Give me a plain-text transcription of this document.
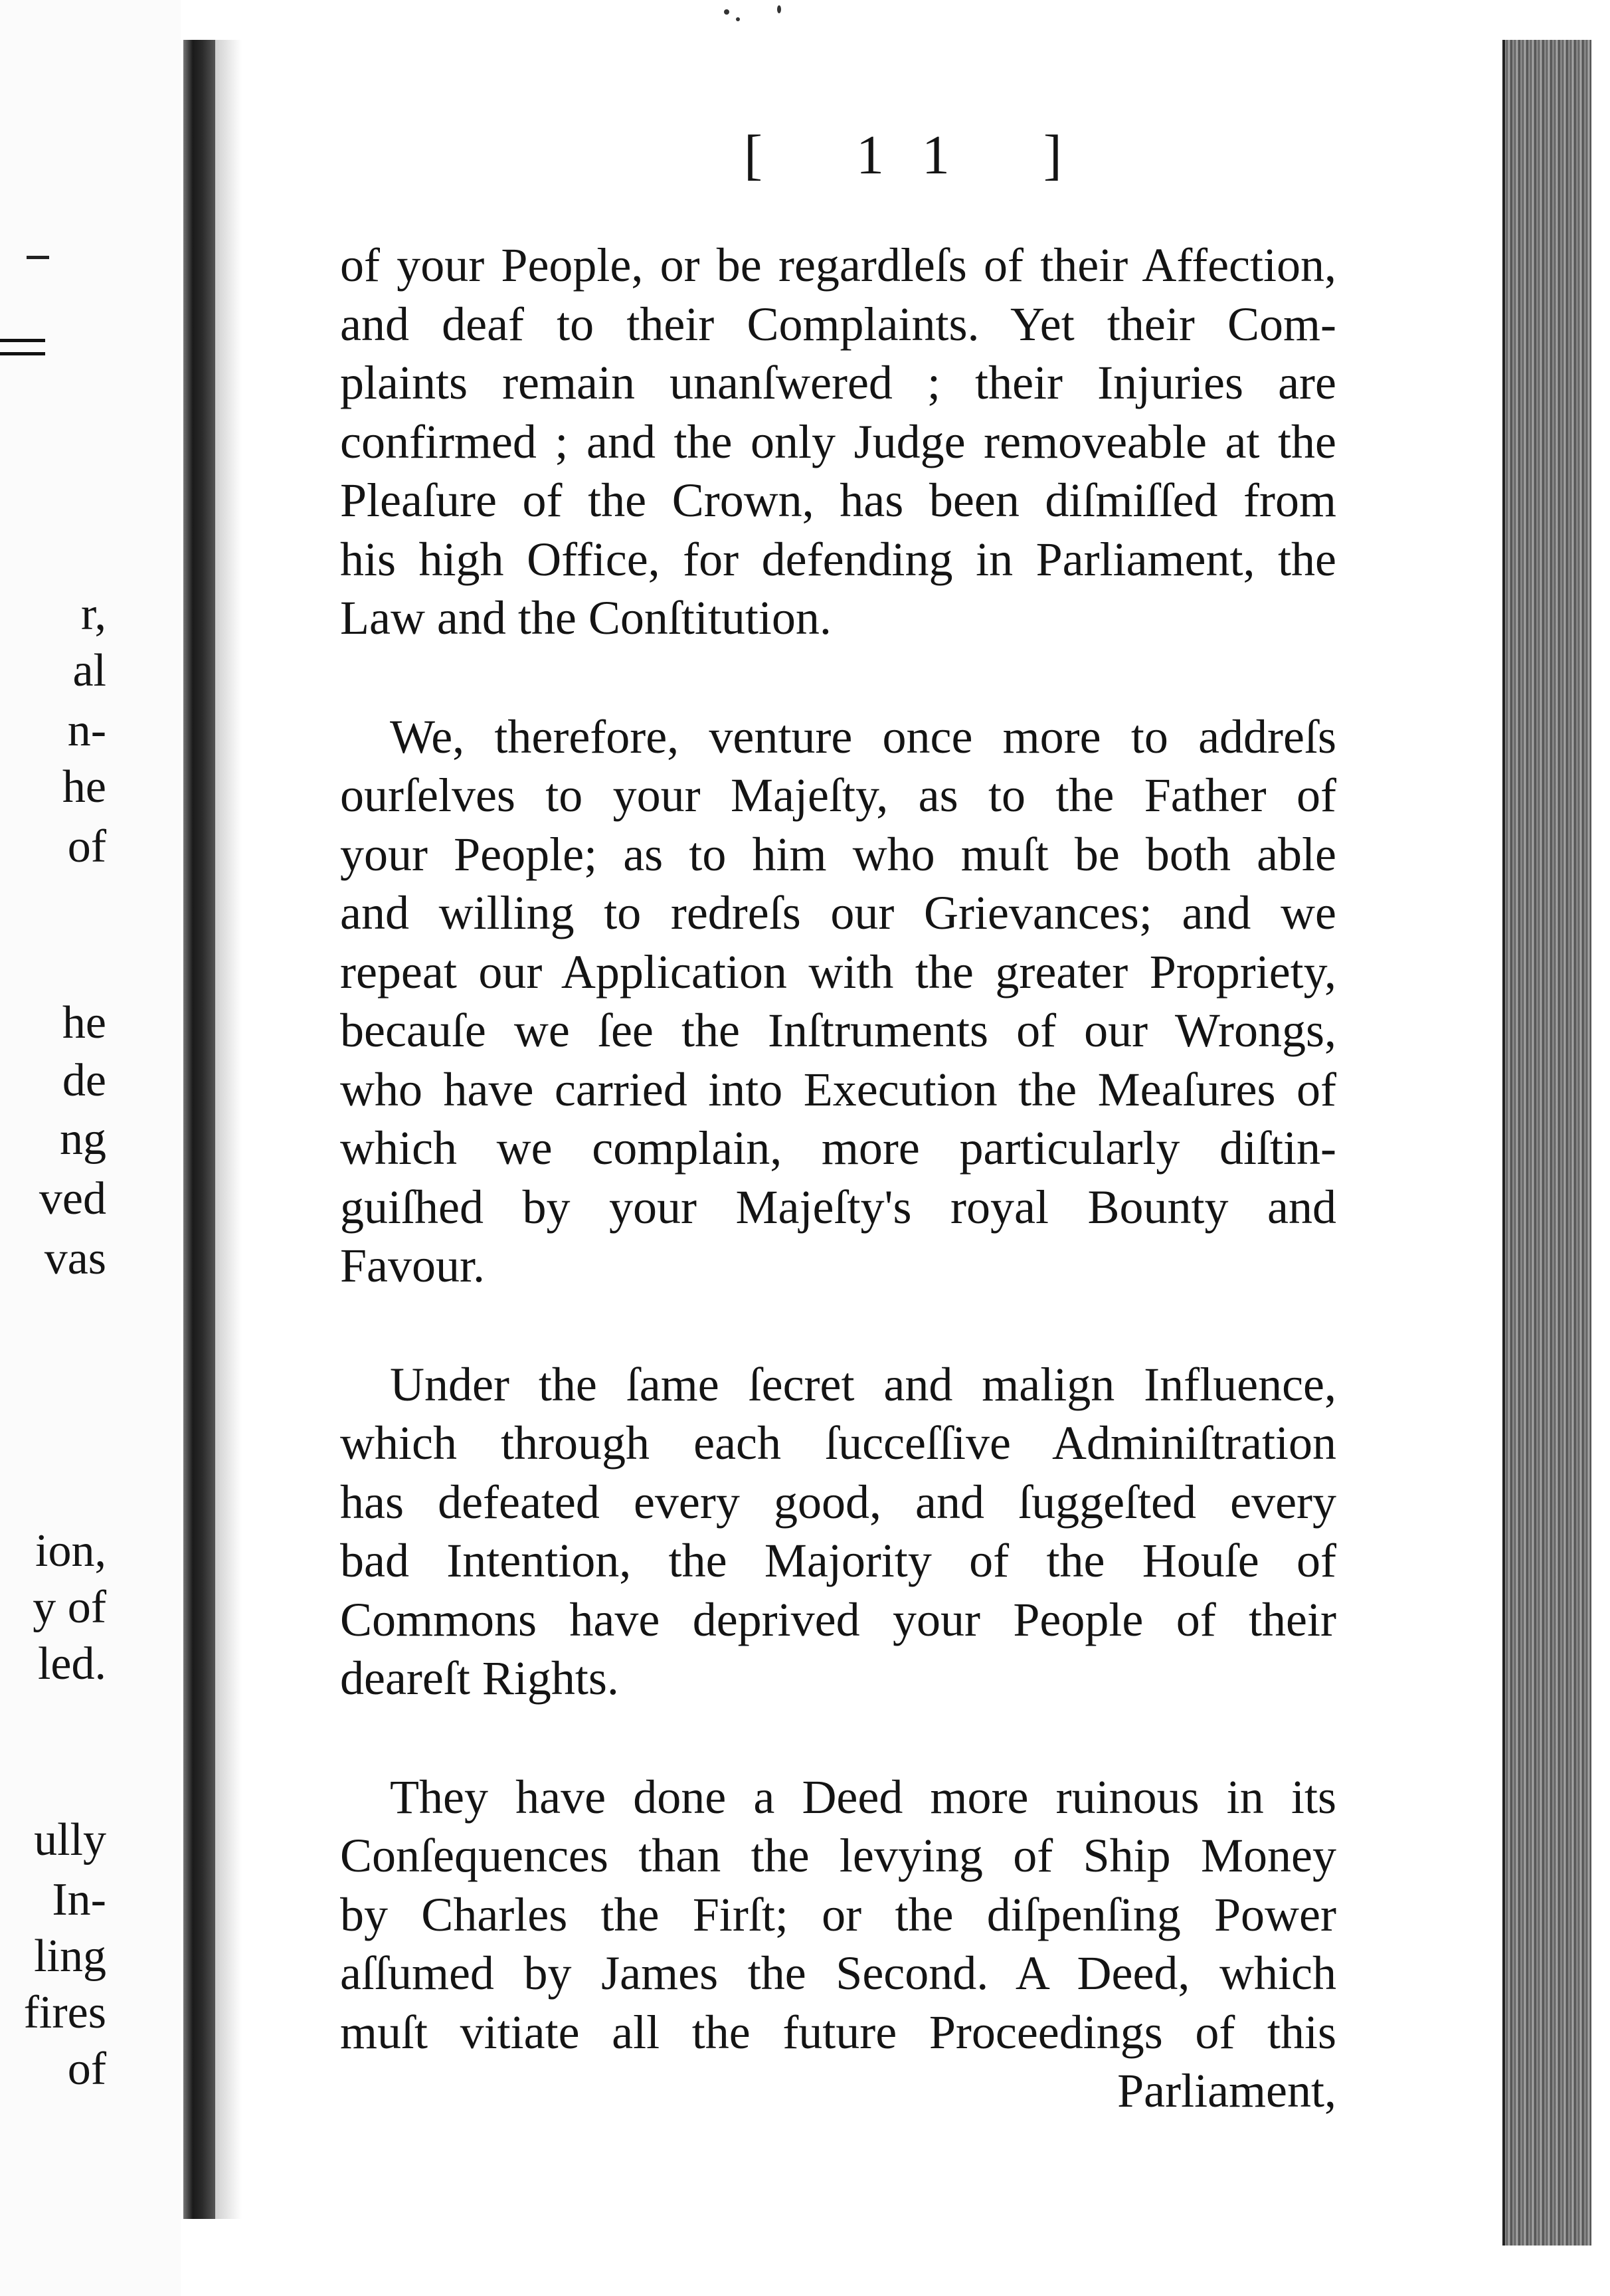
r,
al
n-
he
of
he
de
ng
ved
vas
ion,
y of
led.
ully
In-
ling
fires
of
[ 11 ]
of your People, or be regardleſs of their Affection,
and deaf to their Complaints. Yet their Com-
plaints remain unanſwered ; their Injuries are
confirmed ; and the only Judge removeable at the
Pleaſure of the Crown, has been diſmiſſed from
his high Office, for defending in Parliament, the
Law and the Conſtitution.
We, therefore, venture once more to addreſs
ourſelves to your Majeſty, as to the Father of
your People; as to him who muſt be both able
and willing to redreſs our Grievances; and we
repeat our Application with the greater Propriety,
becauſe we ſee the Inſtruments of our Wrongs,
who have carried into Execution the Meaſures of
which we complain, more particularly diſtin-
guiſhed by your Majeſty's royal Bounty and
Favour.
Under the ſame ſecret and malign Influence,
which through each ſucceſſive Adminiſtration
has defeated every good, and ſuggeſted every
bad Intention, the Majority of the Houſe of
Commons have deprived your People of their
deareſt Rights.
They have done a Deed more ruinous in its
Conſequences than the levying of Ship Money
by Charles the Firſt; or the diſpenſing Power
aſſumed by James the Second. A Deed, which
muſt vitiate all the future Proceedings of this
Parliament,
